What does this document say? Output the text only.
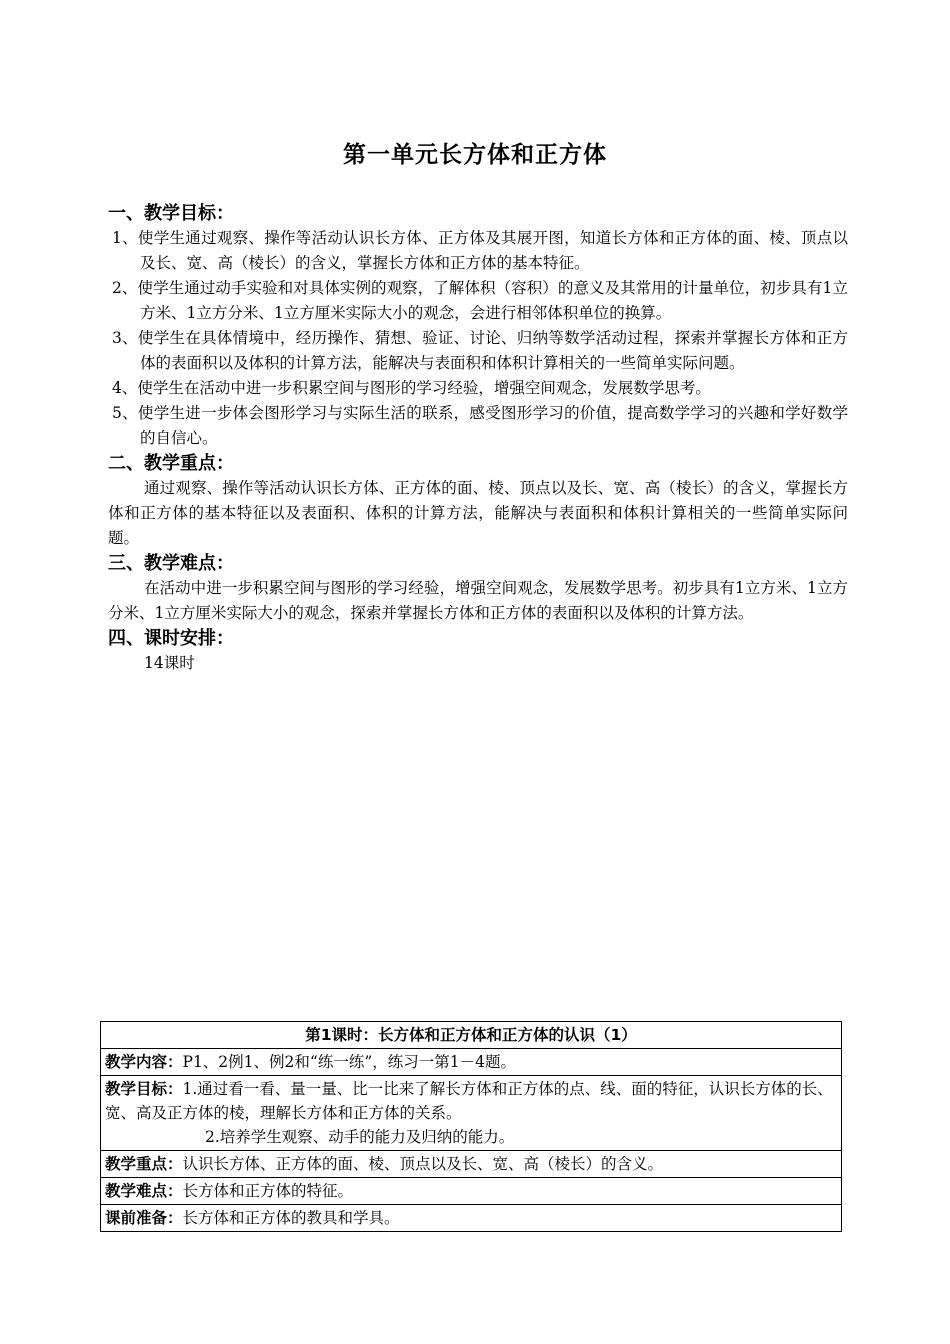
第一单元长方体和正方体
一、教学目标：
1、使学生通过观察、操作等活动认识长方体、正方体及其展开图，知道长方体和正方体的面、棱、顶点以及长、宽、高（棱长）的含义，掌握长方体和正方体的基本特征。
2、使学生通过动手实验和对具体实例的观察，了解体积（容积）的意义及其常用的计量单位，初步具有1立方米、1立方分米、1立方厘米实际大小的观念，会进行相邻体积单位的换算。
3、使学生在具体情境中，经历操作、猜想、验证、讨论、归纳等数学活动过程，探索并掌握长方体和正方体的表面积以及体积的计算方法，能解决与表面积和体积计算相关的一些简单实际问题。
4、使学生在活动中进一步积累空间与图形的学习经验，增强空间观念，发展数学思考。
5、使学生进一步体会图形学习与实际生活的联系，感受图形学习的价值，提高数学学习的兴趣和学好数学的自信心。
二、教学重点：
通过观察、操作等活动认识长方体、正方体的面、棱、顶点以及长、宽、高（棱长）的含义，掌握长方体和正方体的基本特征以及表面积、体积的计算方法，能解决与表面积和体积计算相关的一些简单实际问题。
三、教学难点：
在活动中进一步积累空间与图形的学习经验，增强空间观念，发展数学思考。初步具有1立方米、1立方分米、1立方厘米实际大小的观念，探索并掌握长方体和正方体的表面积以及体积的计算方法。
四、课时安排：
14课时
第1课时：长方体和正方体和正方体的认识（1）
教学内容：P1、2例1、例2和“练一练”，练习一第1－4题。

教学目标：1.通过看一看、量一量、比一比来了解长方体和正方体的点、线、面的特征，认识长方体的长、宽、高及正方体的棱，理解长方体和正方体的关系。
2.培养学生观察、动手的能力及归纳的能力。

教学重点：认识长方体、正方体的面、棱、顶点以及长、宽、高（棱长）的含义。
教学难点：长方体和正方体的特征。
课前准备：长方体和正方体的教具和学具。
